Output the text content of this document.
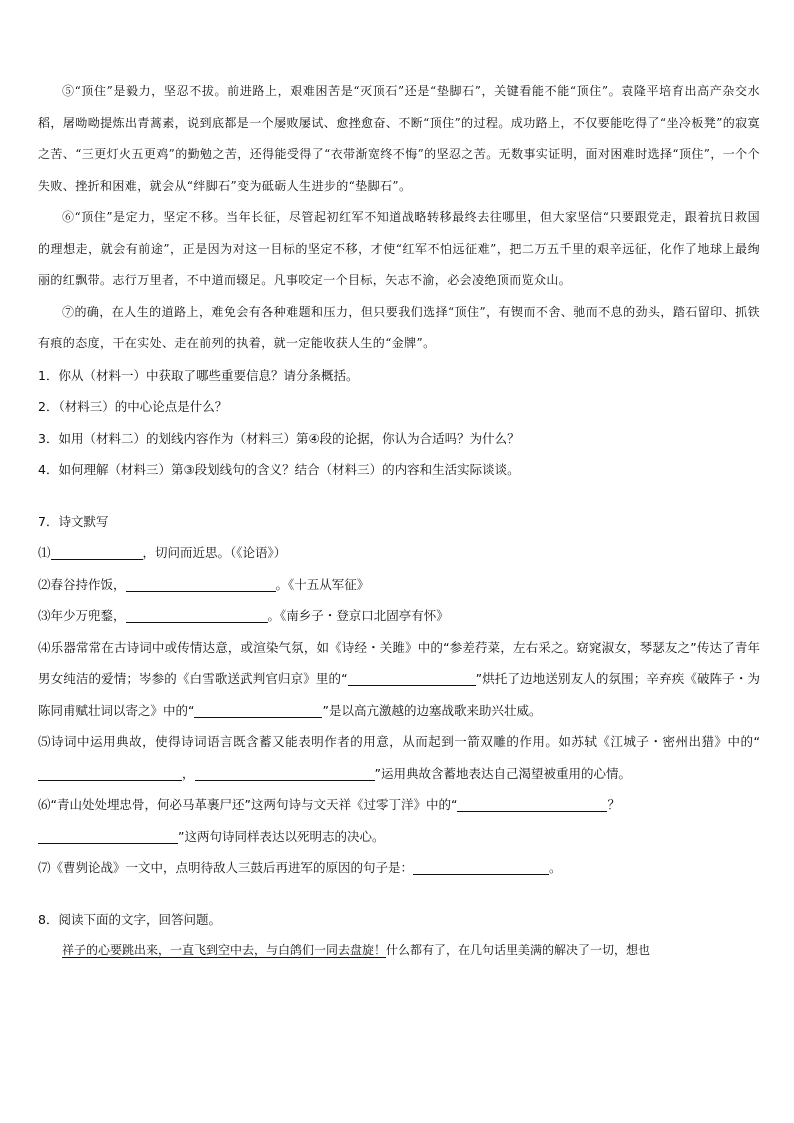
⑤“顶住”是毅力，坚忍不拔。前进路上，艰难困苦是“灭顶石”还是“垫脚石”，关键看能不能“顶住”。袁隆平培育出高产杂交水稻，屠呦呦提炼出青蒿素，说到底都是一个屡败屡试、愈挫愈奋、不断“顶住”的过程。成功路上，不仅要能吃得了“坐冷板凳”的寂寞之苦、“三更灯火五更鸡”的勤勉之苦，还得能受得了“衣带渐宽终不悔”的坚忍之苦。无数事实证明，面对困难时选择“顶住”，一个个失败、挫折和困难，就会从“绊脚石”变为砥砺人生进步的“垫脚石”。

⑥“顶住”是定力，坚定不移。当年长征，尽管起初红军不知道战略转移最终去往哪里，但大家坚信“只要跟党走，跟着抗日救国的理想走，就会有前途”，正是因为对这一目标的坚定不移，才使“红军不怕远征难”，把二万五千里的艰辛远征，化作了地球上最绚丽的红飘带。志行万里者，不中道而辍足。凡事咬定一个目标，矢志不渝，必会凌绝顶而览众山。

⑦的确，在人生的道路上，难免会有各种难题和压力，但只要我们选择“顶住”，有锲而不舍、驰而不息的劲头，踏石留印、抓铁有痕的态度，干在实处、走在前列的执着，就一定能收获人生的“金牌”。

1．你从（材料一）中获取了哪些重要信息？请分条概括。

2．（材料三）的中心论点是什么？

3．如用（材料二）的划线内容作为（材料三）第④段的论据，你认为合适吗？为什么？

4．如何理解（材料三）第③段划线句的含义？结合（材料三）的内容和生活实际谈谈。

7．诗文默写

⑴	，切问而近思。（《论语》）

⑵春谷持作饭，	。《十五从军征》

⑶年少万兜鍪，	。《南乡子・登京口北固亭有怀》

⑷乐器常常在古诗词中或传情达意，或渲染气氛，如《诗经・关雎》中的“参差荇菜，左右采之。窈窕淑女，琴瑟友之”传达了青年男女纯洁的爱情；岑参的《白雪歌送武判官归京》里的“	”烘托了边地送别友人的氛围；辛弃疾《破阵子・为陈同甫赋壮词以寄之》中的“	”是以高亢激越的边塞战歌来助兴壮威。

⑸诗词中运用典故，使得诗词语言既含蓄又能表明作者的用意，从而起到一箭双雕的作用。如苏轼《江城子・密州出猎》中的“，	”运用典故含蓄地表达自己渴望被重用的心情。

⑹“青山处处埋忠骨，何必马革裹尸还”这两句诗与文天祥《过零丁洋》中的“	？
”这两句诗同样表达以死明志的决心。

⑺《曹刿论战》一文中，点明待敌人三鼓后再进军的原因的句子是：	。

8．阅读下面的文字，回答问题。

祥子的心要跳出来，一直飞到空中去，与白鸽们一同去盘旋！什么都有了，在几句话里美满的解决了一切，想也
